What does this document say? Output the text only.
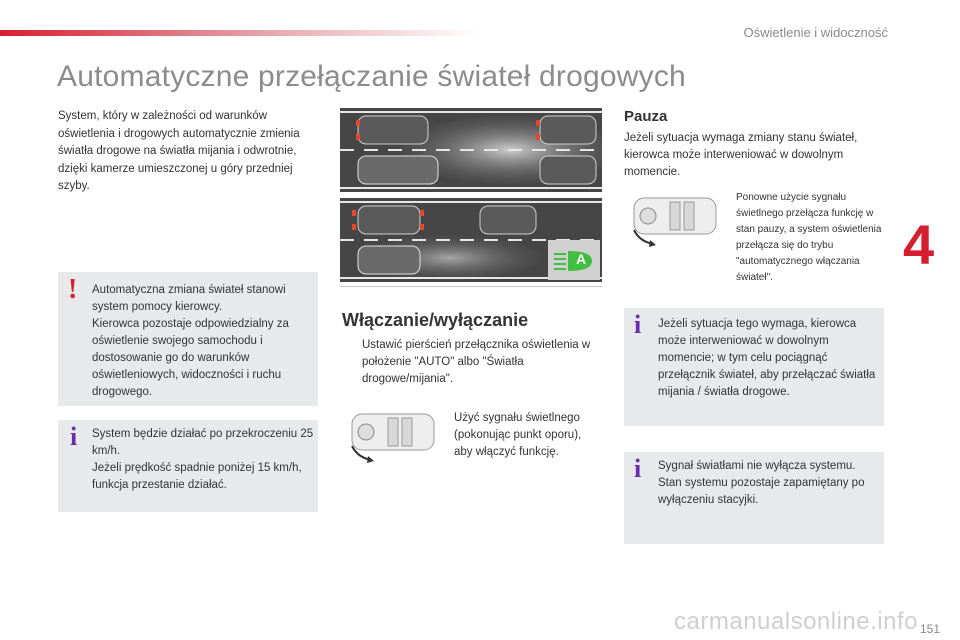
Oświetlenie i widoczność
Automatyczne przełączanie świateł drogowych
4

System, który w zależności od warunków oświetlenia i drogowych automatycznie zmienia światła drogowe na światła mijania i odwrotnie, dzięki kamerze umieszczonej u góry przedniej szyby.

! Automatyczna zmiana świateł stanowi system pomocy kierowcy.
Kierowca pozostaje odpowiedzialny za oświetlenie swojego samochodu i dostosowanie go do warunków oświetleniowych, widoczności i ruchu drogowego.

i System będzie działać po przekroczeniu 25 km/h.
Jeżeli prędkość spadnie poniżej 15 km/h, funkcja przestanie działać.

A
Włączanie/wyłączanie

Ustawić pierścień przełącznika oświetlenia w położenie "AUTO" albo "Światła drogowe/mijania".

Użyć sygnału świetlnego (pokonując punkt oporu), aby włączyć funkcję.

Pauza

Jeżeli sytuacja wymaga zmiany stanu świateł, kierowca może interweniować w dowolnym momencie.

Ponowne użycie sygnału świetlnego przełącza funkcję w stan pauzy, a system oświetlenia przełącza się do trybu "automatycznego włączania świateł".

i Jeżeli sytuacja tego wymaga, kierowca może interweniować w dowolnym momencie; w tym celu pociągnąć przełącznik świateł, aby przełączać światła mijania / światła drogowe.

i Sygnał światłami nie wyłącza systemu. Stan systemu pozostaje zapamiętany po wyłączeniu stacyjki.

carmanualsonline.info 151
